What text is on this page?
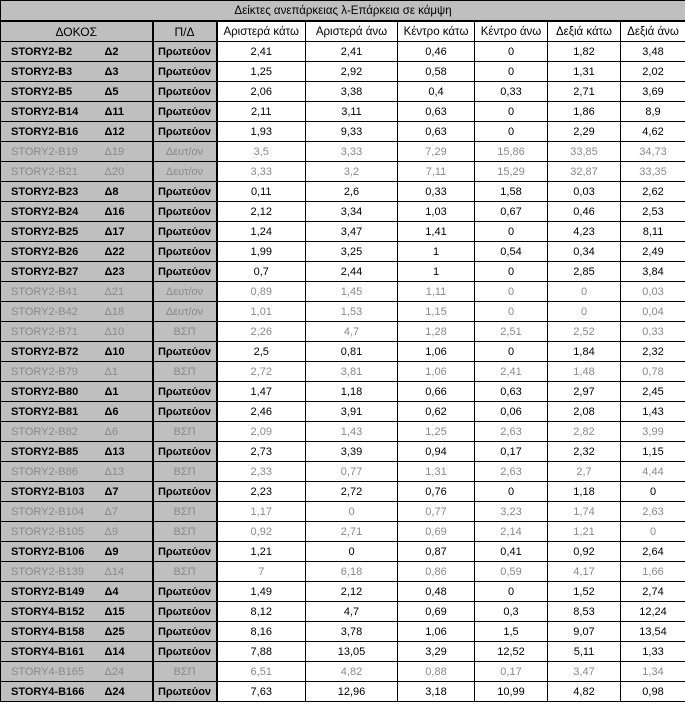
Δείκτες ανεπάρκειας λ-Επάρκεια σε κάμψη								
ΔΟΚΟΣ		Π/Δ	Αριστερά κάτω	Αριστερά άνω	Κέντρο κάτω	Κέντρο άνω	Δεξιά κάτω	Δεξιά άνω
STORY2-B2	Δ2	Πρωτεύον	2,41	2,41	0,46	0	1,82	3,48
STORY2-B3	Δ3	Πρωτεύον	1,25	2,92	0,58	0	1,31	2,02
STORY2-B5	Δ5	Πρωτεύον	2,06	3,38	0,4	0,33	2,71	3,69
STORY2-B14	Δ11	Πρωτεύον	2,11	3,11	0,63	0	1,86	8,9
STORY2-B16	Δ12	Πρωτεύον	1,93	9,33	0,63	0	2,29	4,62
STORY2-B19	Δ19	Δευτ/ον	3,5	3,33	7,29	15,86	33,85	34,73
STORY2-B21	Δ20	Δευτ/ον	3,33	3,2	7,11	15,29	32,87	33,35
STORY2-B23	Δ8	Πρωτεύον	0,11	2,6	0,33	1,58	0,03	2,62
STORY2-B24	Δ16	Πρωτεύον	2,12	3,34	1,03	0,67	0,46	2,53
STORY2-B25	Δ17	Πρωτεύον	1,24	3,47	1,41	0	4,23	8,11
STORY2-B26	Δ22	Πρωτεύον	1,99	3,25	1	0,54	0,34	2,49
STORY2-B27	Δ23	Πρωτεύον	0,7	2,44	1	0	2,85	3,84
STORY2-B41	Δ21	Δευτ/ον	0,89	1,45	1,11	0	0	0,03
STORY2-B42	Δ18	Δευτ/ον	1,01	1,53	1,15	0	0	0,04
STORY2-B71	Δ10	ΒΣΠ	2,26	4,7	1,28	2,51	2,52	0,33
STORY2-B72	Δ10	Πρωτεύον	2,5	0,81	1,06	0	1,84	2,32
STORY2-B79	Δ1	ΒΣΠ	2,72	3,81	1,06	2,41	1,48	0,78
STORY2-B80	Δ1	Πρωτεύον	1,47	1,18	0,66	0,63	2,97	2,45
STORY2-B81	Δ6	Πρωτεύον	2,46	3,91	0,62	0,06	2,08	1,43
STORY2-B82	Δ6	ΒΣΠ	2,09	1,43	1,25	2,63	2,82	3,99
STORY2-B85	Δ13	Πρωτεύον	2,73	3,39	0,94	0,17	2,32	1,15
STORY2-B86	Δ13	ΒΣΠ	2,33	0,77	1,31	2,63	2,7	4,44
STORY2-B103	Δ7	Πρωτεύον	2,23	2,72	0,76	0	1,18	0
STORY2-B104	Δ7	ΒΣΠ	1,17	0	0,77	3,23	1,74	2,63
STORY2-B105	Δ9	ΒΣΠ	0,92	2,71	0,69	2,14	1,21	0
STORY2-B106	Δ9	Πρωτεύον	1,21	0	0,87	0,41	0,92	2,64
STORY2-B139	Δ14	ΒΣΠ	7	6,18	0,86	0,59	4,17	1,66
STORY2-B149	Δ4	Πρωτεύον	1,49	2,12	0,48	0	1,52	2,74
STORY4-B152	Δ15	Πρωτεύον	8,12	4,7	0,69	0,3	8,53	12,24
STORY4-B158	Δ25	Πρωτεύον	8,16	3,78	1,06	1,5	9,07	13,54
STORY4-B161	Δ14	Πρωτεύον	7,88	13,05	3,29	12,52	5,11	1,33
STORY4-B165	Δ24	ΒΣΠ	6,51	4,82	0,88	0,17	3,47	1,34
STORY4-B166	Δ24	Πρωτεύον	7,63	12,96	3,18	10,99	4,82	0,98
